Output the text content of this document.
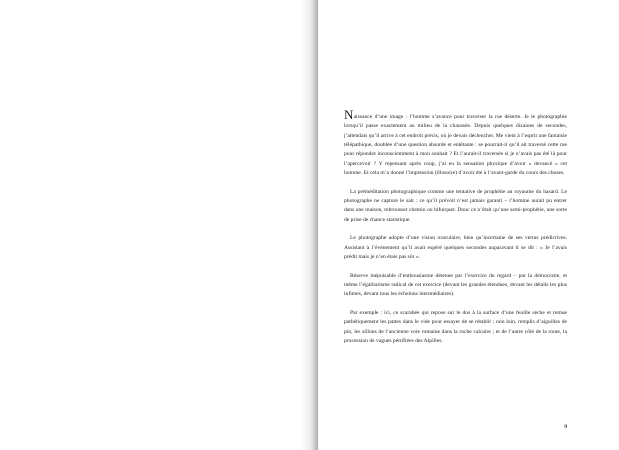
Naissance d’une image : l’homme s’avance pour traverser la rue déserte. Je le photographie lorsqu’il passe exactement au milieu de la chaussée. Depuis quelques dizaines de secondes, j’attendais qu’il arrive à cet endroit précis, où je devais déclencher. Me vient à l’esprit une fantaisie télépathique, doublée d’une question absurde et entêtante : se pourrait-il qu’il ait traversé cette rue pour répondre inconsciemment à mon souhait ? Et l’aurait-il traversée si je n’avais pas été là pour l’apercevoir ? Y repensant après coup, j’ai eu la sensation physique d’avoir « devancé » cet homme. Et cela m’a donné l’impression (illusoire) d’avoir été à l’avant-garde du cours des choses.

La préméditation photographique comme une tentative de prophétie au royaume du hasard. Le photographe ne capture le sait : ce qu’il prévoit n’est jamais garanti – l’homme aurait pu entrer dans une maison, rebrousser chemin ou bifurquer. Donc ce n’était qu’une semi-prophétie, une sorte de prise de chance statistique.

Le photographe adopte d’une vision oraculaire, bien qu’incertaine de ses vertus prédictives. Assistant à l’événement qu’il avait espéré quelques secondes auparavant il se dit : « Je l’avais prédit mais je n’en étais pas sûr ».

Réserve inépuisable d’enthousiasme détenue par l’exercice du regard – par la démocratie, et même l’égalitarisme radical de cet exercice (devant les grandes étendues, devant les détails les plus infimes, devant tous les échelons intermédiaires).

Par exemple : ici, ce scarabée qui repose sur le dos à la surface d’une feuille sèche et remue pathétiquement les pattes dans le vide pour essayer de se rétablir ; non loin, remplis d’aiguilles de pin, les sillons de l’ancienne voie romaine dans la roche calcaire ; et de l’autre côté de la route, la procession de vagues pétrifiées des Alpilles.

9
